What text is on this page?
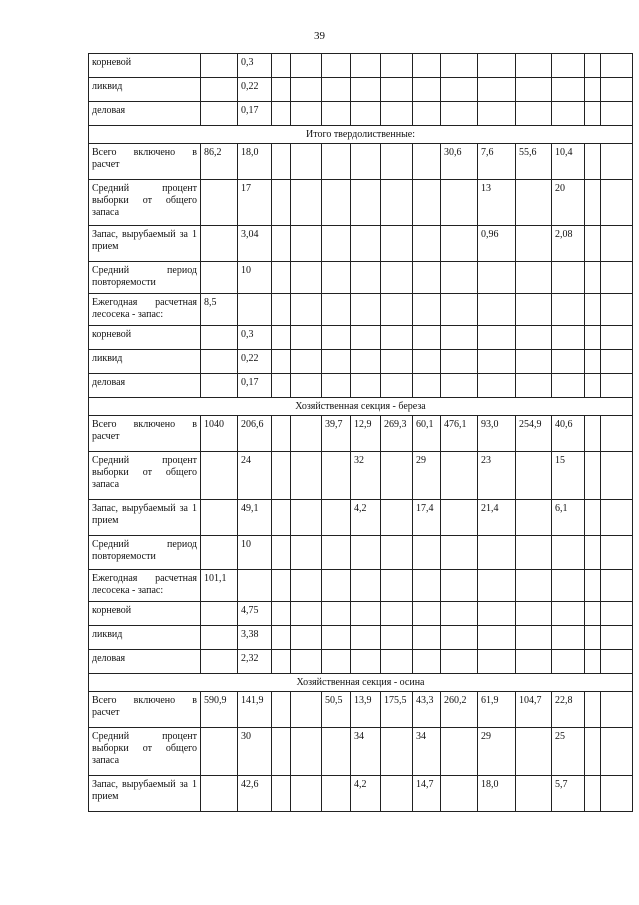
39
корневой		0,3												
ликвид		0,22												
деловая		0,17												
Итого твердолиственные:														
Всего включено в расчет	86,2	18,0							30,6	7,6	55,6	10,4		
Средний процент выборки от общего запаса		17								13		20		
Запас, вырубаемый за 1 прием		3,04								0,96		2,08		
Средний период повторяемости		10												
Ежегодная расчетная лесосека - запас:	8,5													
корневой		0,3												
ликвид		0,22												
деловая		0,17												
Хозяйственная секция - береза														
Всего включено в расчет	1040	206,6			39,7	12,9	269,3	60,1	476,1	93,0	254,9	40,6		
Средний процент выборки от общего запаса		24				32		29		23		15		
Запас, вырубаемый за 1 прием		49,1				4,2		17,4		21,4		6,1		
Средний период повторяемости		10												
Ежегодная расчетная лесосека - запас:	101,1													
корневой		4,75												
ликвид		3,38												
деловая		2,32												
Хозяйственная секция - осина														
Всего включено в расчет	590,9	141,9			50,5	13,9	175,5	43,3	260,2	61,9	104,7	22,8		
Средний процент выборки от общего запаса		30				34		34		29		25		
Запас, вырубаемый за 1 прием		42,6				4,2		14,7		18,0		5,7		
